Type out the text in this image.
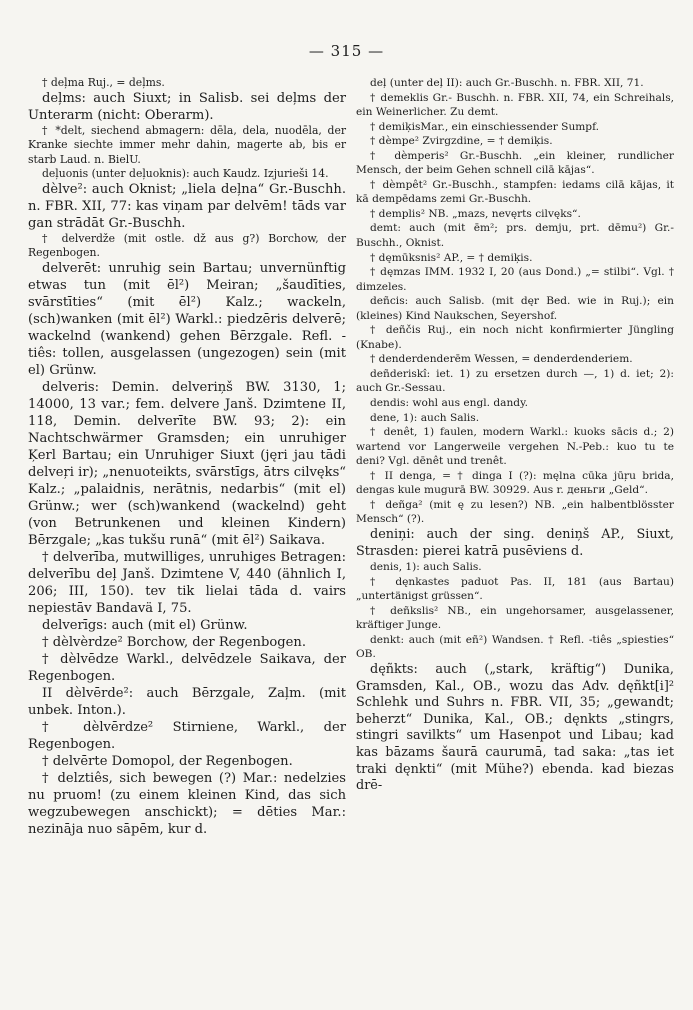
— 315 —

† deļma Ruj., = deļms.

deļms: auch Siuxt; in Salisb. sei deļms der Unterarm (nicht: Oberarm).

† *delt, siechend abmagern: dēla, dela, nuodēla, der Kranke siechte immer mehr dahin, magerte ab, bis er starb Laud. n. BielU.

deļuonis (unter deļuoknis): auch Kaudz. Izjurieši 14.

dèlve²: auch Oknist; „liela deļna“ Gr.-Buschh. n. FBR. XII, 77: kas viņam par delvēm! tāds var gan strādāt Gr.-Buschh.

† delverdže (mit ostle. dž aus g?) Borchow, der Regenbogen.

delverēt: unruhig sein Bartau; unvernünftig etwas tun (mit ēl²) Meiran; „šaudīties, svārstīties“ (mit ēl²) Kalz.; wackeln, (sch)wanken (mit ēl²) Warkl.: piedzēris delverē; wackelnd (wankend) gehen Bērzgale. Refl. -tiês: tollen, ausgelassen (ungezogen) sein (mit el) Grünw.

delveris: Demin. delveriņš BW. 3130, 1; 14000, 13 var.; fem. delvere Janš. Dzimtene II, 118, Demin. delverīte BW. 93; 2): ein Nachtschwärmer Gramsden; ein unruhiger Ķerl Bartau; ein Unruhiger Siuxt (jęri jau tādi delveŗi ir); „nenuoteikts, svārstīgs, ātrs cilvęks“ Kalz.; „palaidnis, nerātnis, nedarbis“ (mit el) Grünw.; wer (sch)wankend (wackelnd) geht (von Betrunkenen und kleinen Kindern) Bērzgale; „kas tukšu runā“ (mit ēl²) Saikava.

† delverība, mutwilliges, unruhiges Betragen: delverību deļ Janš. Dzimtene V, 440 (ähnlich I, 206; III, 150). tev tik lielai tāda d. vairs nepiestāv Bandavä I, 75.

delverīgs: auch (mit el) Grünw.

† dèlvèrdze² Borchow, der Regenbogen.

† dèlvēdze Warkl., delvēdzele Saikava, der Regenbogen.

II dèlvērde²: auch Bērzgale, Zaļm. (mit unbek. Inton.).

† dèlvērdze² Stirniene, Warkl., der Regenbogen.

† delvērte Domopol, der Regenbogen.

† delztiês, sich bewegen (?) Mar.: nedelzies nu pruom! (zu einem kleinen Kind, das sich wegzubewegen anschickt); = dēties Mar.: nezināja nuo sāpēm, kur d.

deļ (unter deļ II): auch Gr.-Buschh. n. FBR. XII, 71.

† demeklis Gr.- Buschh. n. FBR. XII, 74, ein Schreihals, ein Weinerlicher. Zu demt.

† demiķisMar., ein einschiessender Sumpf.

† dèmpe² Zvirgzdine, = † demiķis.

† dèmperis² Gr.-Buschh. „ein kleiner, rundlicher Mensch, der beim Gehen schnell cilā kājas“.

† dèmpêt² Gr.-Buschh., stampfen: iedams cilā kājas, it kā dempēdams zemi Gr.-Buschh.

† demplis² NB. „mazs, nevęrts cilvęks“.

demt: auch (mit ēm²; prs. demju, prt. dēmu²) Gr.-Buschh., Oknist.

† dęmūksnis² AP., = † demiķis.

† dęmzas IMM. 1932 I, 20 (aus Dond.) „= stilbi“. Vgl. † dimzeles.

deñcis: auch Salisb. (mit dęr Bed. wie in Ruj.); ein (kleines) Kind Naukschen, Seyershof.

† deñčis Ruj., ein noch nicht konfirmierter Jüngling (Knabe).

† denderdenderēm Wessen, = denderdenderiem.

deñderiskî: iet. 1) zu ersetzen durch —, 1) d. iet; 2): auch Gr.-Sessau.

dendis: wohl aus engl. dandy.

dene, 1): auch Salis.

† denêt, 1) faulen, modern Warkl.: kuoks sācis d.; 2) wartend vor Langerweile vergehen N.-Peb.: kuo tu te deni? Vgl. dēnêt und trenêt.

† II denga, = † dinga I (?): męlna cūka jūŗu brida, dengas kule mugurā BW. 30929. Aus r. деньги „Geld“.

† deñga² (mit ę zu lesen?) NB. „ein halbentblösster Mensch“ (?).

deniņi: auch der sing. deniņš AP., Siuxt, Strasden: pierei katrā pusēviens d.

denis, 1): auch Salis.

† dęnkastes paduot Pas. II, 181 (aus Bartau) „untertänigst grüssen“.

† deñkslis² NB., ein ungehorsamer, ausgelassener, kräftiger Junge.

denkt: auch (mit eñ²) Wandsen. † Refl. -tiês „spiesties“ OB.

dęñkts: auch („stark, kräftig“) Dunika, Gramsden, Kal., OB., wozu das Adv. dęñkt[i]² Schlehk und Suhrs n. FBR. VII, 35; „gewandt; beherzt“ Dunika, Kal., OB.; dęnkts „stingrs, stingri savilkts“ um Hasenpot und Libau; kad kas bāzams šaurā caurumā, tad saka: „tas iet traki dęnkti“ (mit Mühe?) ebenda. kad biezas drē-
